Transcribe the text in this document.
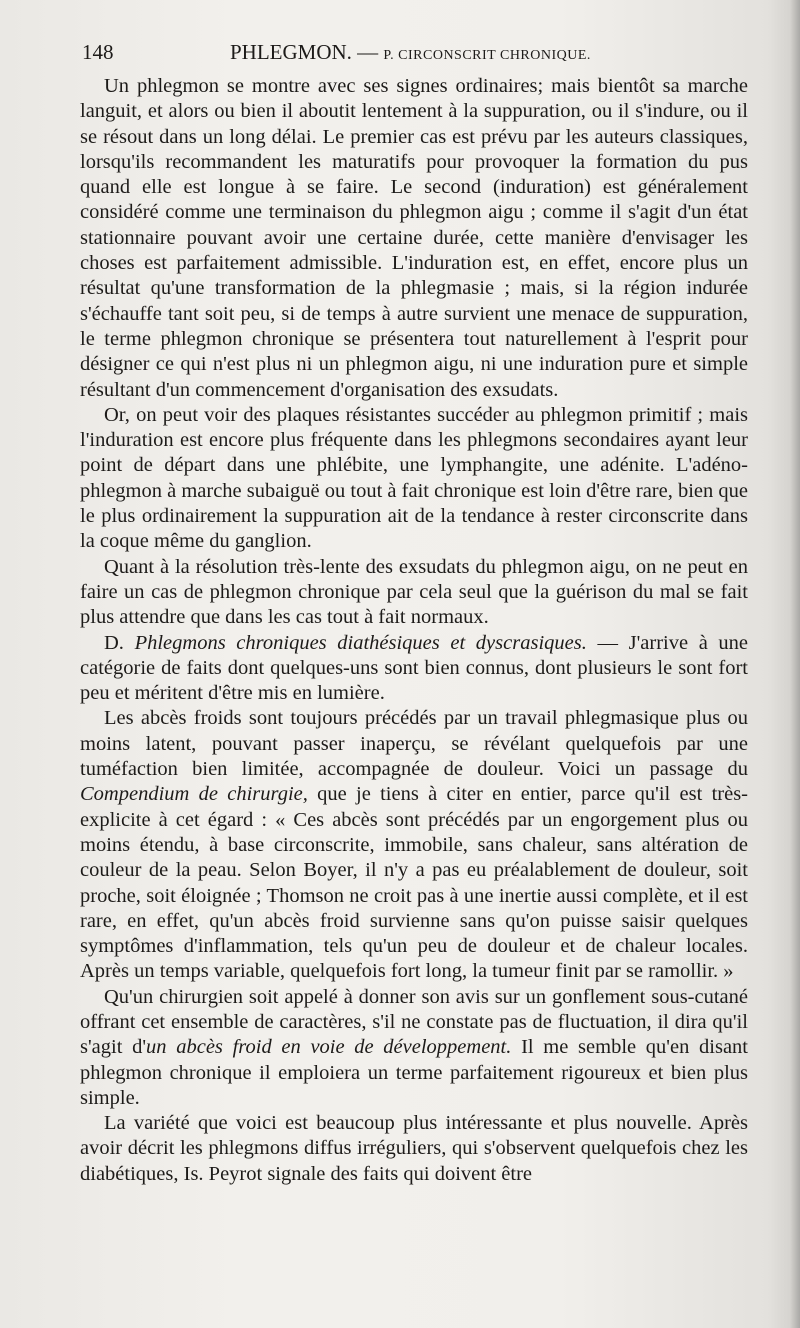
148	PHLEGMON. — P. CIRCONSCRIT CHRONIQUE.

Un phlegmon se montre avec ses signes ordinaires; mais bientôt sa marche languit, et alors ou bien il aboutit lentement à la suppuration, ou il s'indure, ou il se résout dans un long délai. Le premier cas est prévu par les auteurs classiques, lorsqu'ils recommandent les maturatifs pour provoquer la formation du pus quand elle est longue à se faire. Le second (induration) est généralement considéré comme une terminaison du phlegmon aigu ; comme il s'agit d'un état stationnaire pouvant avoir une certaine durée, cette manière d'envisager les choses est parfaitement admissible. L'induration est, en effet, encore plus un résultat qu'une transformation de la phlegmasie ; mais, si la région indurée s'échauffe tant soit peu, si de temps à autre survient une menace de suppuration, le terme phlegmon chronique se présentera tout naturellement à l'esprit pour désigner ce qui n'est plus ni un phlegmon aigu, ni une induration pure et simple résultant d'un commencement d'organisation des exsudats.

Or, on peut voir des plaques résistantes succéder au phlegmon primitif ; mais l'induration est encore plus fréquente dans les phlegmons secondaires ayant leur point de départ dans une phlébite, une lymphangite, une adénite. L'adéno-phlegmon à marche subaiguë ou tout à fait chronique est loin d'être rare, bien que le plus ordinairement la suppuration ait de la tendance à rester circonscrite dans la coque même du ganglion.

Quant à la résolution très-lente des exsudats du phlegmon aigu, on ne peut en faire un cas de phlegmon chronique par cela seul que la guérison du mal se fait plus attendre que dans les cas tout à fait normaux.

D. Phlegmons chroniques diathésiques et dyscrasiques. — J'arrive à une catégorie de faits dont quelques-uns sont bien connus, dont plusieurs le sont fort peu et méritent d'être mis en lumière.

Les abcès froids sont toujours précédés par un travail phlegmasique plus ou moins latent, pouvant passer inaperçu, se révélant quelquefois par une tuméfaction bien limitée, accompagnée de douleur. Voici un passage du Compendium de chirurgie, que je tiens à citer en entier, parce qu'il est très-explicite à cet égard : « Ces abcès sont précédés par un engorgement plus ou moins étendu, à base circonscrite, immobile, sans chaleur, sans altération de couleur de la peau. Selon Boyer, il n'y a pas eu préalablement de douleur, soit proche, soit éloignée ; Thomson ne croit pas à une inertie aussi complète, et il est rare, en effet, qu'un abcès froid survienne sans qu'on puisse saisir quelques symptômes d'inflammation, tels qu'un peu de douleur et de chaleur locales. Après un temps variable, quelquefois fort long, la tumeur finit par se ramollir. »

Qu'un chirurgien soit appelé à donner son avis sur un gonflement sous-cutané offrant cet ensemble de caractères, s'il ne constate pas de fluctuation, il dira qu'il s'agit d'un abcès froid en voie de développement. Il me semble qu'en disant phlegmon chronique il emploiera un terme parfaitement rigoureux et bien plus simple.

La variété que voici est beaucoup plus intéressante et plus nouvelle. Après avoir décrit les phlegmons diffus irréguliers, qui s'observent quelquefois chez les diabétiques, Is. Peyrot signale des faits qui doivent être
